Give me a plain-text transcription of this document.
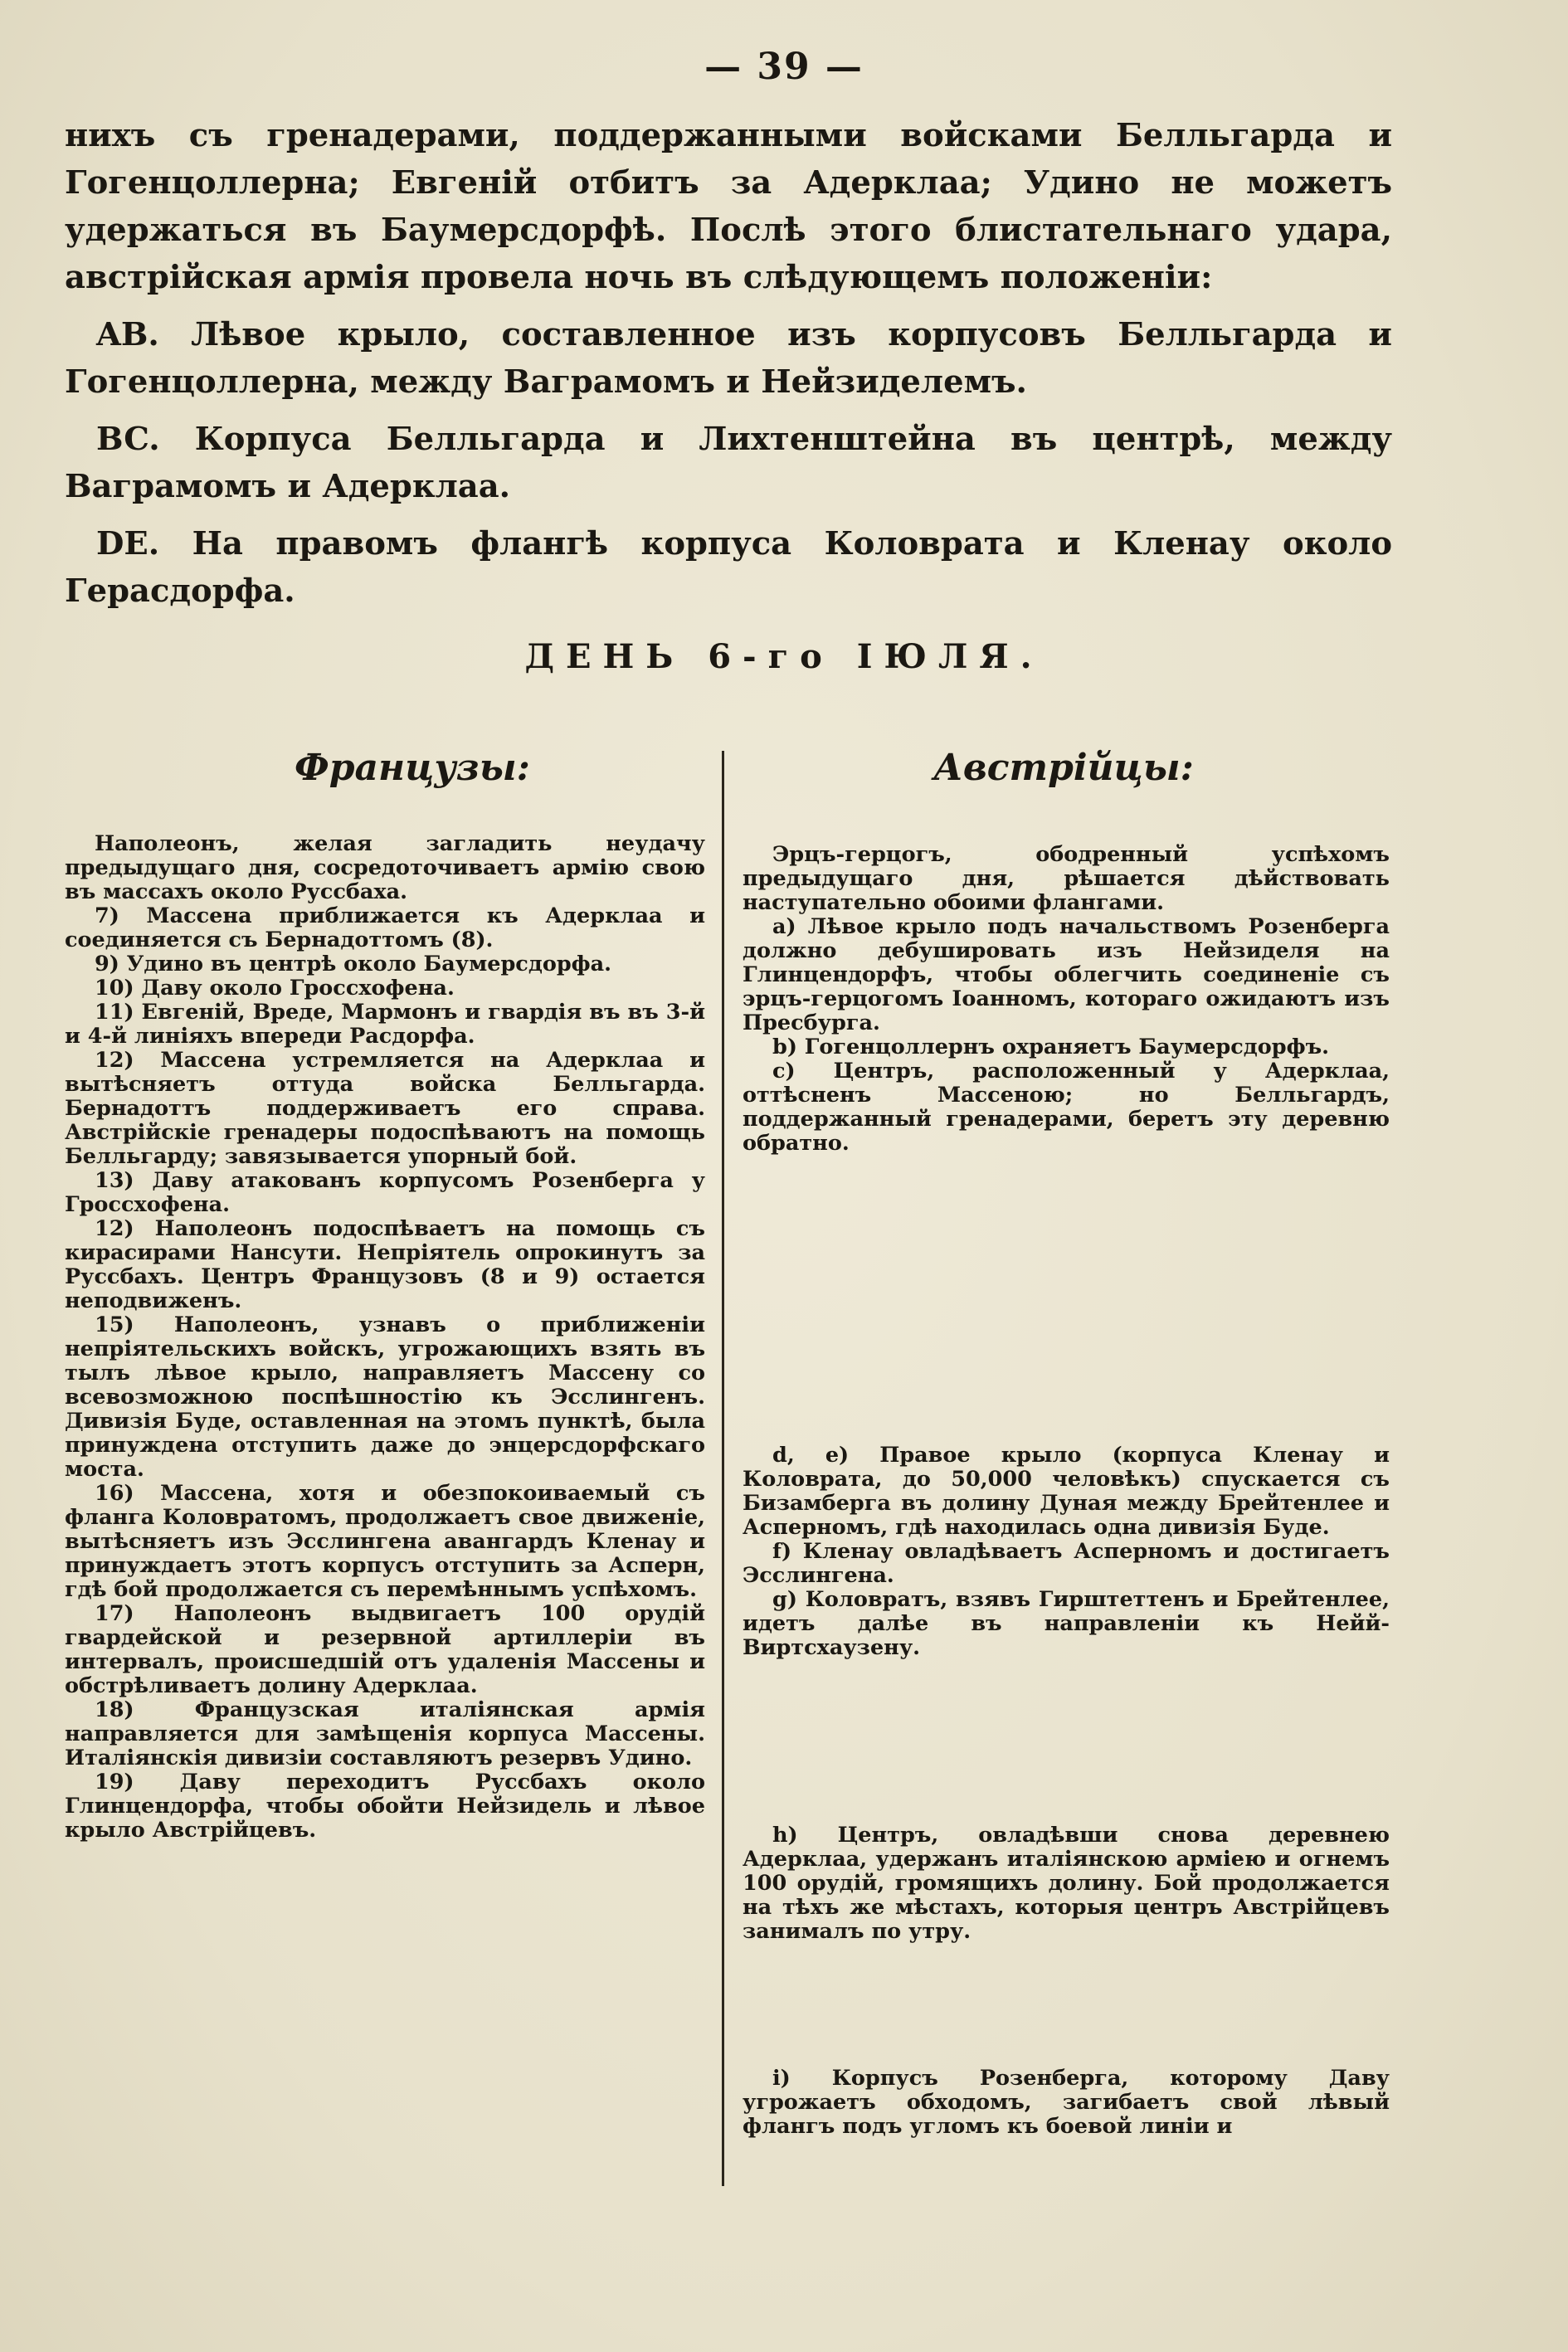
— 39 —

нихъ съ гренадерами, поддержанными войсками Белльгарда и Гогенцоллерна; Евгеній отбитъ за Адерклаа; Удино не можетъ удержаться въ Баумерсдорфѣ. Послѣ этого блистательнаго удара, австрійская армія провела ночь въ слѣдующемъ положеніи:

AB. Лѣвое крыло, составленное изъ корпусовъ Белльгарда и Гогенцоллерна, между Ваграмомъ и Нейзиделемъ.

BC. Корпуса Белльгарда и Лихтенштейна въ центрѣ, между Ваграмомъ и Адерклаа.

DE. На правомъ флангѣ корпуса Коловрата и Кленау около Герасдорфа.

ДЕНЬ 6-го ІЮЛЯ.
Французы:	Австрійцы:

Наполеонъ, желая загладить неудачу предыдущаго дня, сосредоточиваетъ армію свою въ массахъ около Руссбаха.

7) Массена приближается къ Адерклаа и соединяется съ Бернадоттомъ (8).

9) Удино въ центрѣ около Баумерсдорфа.

10) Даву около Гроссхофена.

11) Евгеній, Вреде, Мармонъ и гвардія въ въ 3-й и 4-й линіяхъ впереди Расдорфа.

12) Массена устремляется на Адерклаа и вытѣсняетъ оттуда войска Белльгарда. Бернадоттъ поддерживаетъ его справа. Австрійскіе гренадеры подоспѣваютъ на помощь Белльгарду; завязывается упорный бой.

13) Даву атакованъ корпусомъ Розенберга у Гроссхофена.

12) Наполеонъ подоспѣваетъ на помощь съ кирасирами Нансути. Непріятель опрокинутъ за Руссбахъ. Центръ Французовъ (8 и 9) остается неподвиженъ.

15) Наполеонъ, узнавъ о приближеніи непріятельскихъ войскъ, угрожающихъ взять въ тылъ лѣвое крыло, направляетъ Массену со всевозможною поспѣшностію къ Эсслингенъ. Дивизія Буде, оставленная на этомъ пунктѣ, была принуждена отступить даже до энцерсдорфскаго моста.

16) Массена, хотя и обезпокоиваемый съ фланга Коловратомъ, продолжаетъ свое движеніе, вытѣсняетъ изъ Эсслингена авангардъ Кленау и принуждаетъ этотъ корпусъ отступить за Асперн, гдѣ бой продолжается съ перемѣннымъ успѣхомъ.

17) Наполеонъ выдвигаетъ 100 орудій гвардейской и резервной артиллеріи въ интервалъ, происшедшій отъ удаленія Массены и обстрѣливаетъ долину Адерклаа.

18) Французская италіянская армія направляется для замѣщенія корпуса Массены. Италіянскія дивизіи составляютъ резервъ Удино.

19) Даву переходитъ Руссбахъ около Глинцендорфа, чтобы обойти Нейзидель и лѣвое крыло Австрійцевъ.

Эрцъ-герцогъ, ободренный успѣхомъ предыдущаго дня, рѣшается дѣйствовать наступательно обоими флангами.

a) Лѣвое крыло подъ начальствомъ Розенберга должно дебушировать изъ Нейзиделя на Глинцендорфъ, чтобы облегчить соединеніе съ эрцъ-герцогомъ Іоанномъ, котораго ожидаютъ изъ Пресбурга.

b) Гогенцоллернъ охраняетъ Баумерсдорфъ.

c) Центръ, расположенный у Адерклаа, оттѣсненъ Массеною; но Белльгардъ, поддержанный гренадерами, беретъ эту деревню обратно.

d, e) Правое крыло (корпуса Кленау и Коловрата, до 50,000 человѣкъ) спускается съ Бизамберга въ долину Дуная между Брейтенлее и Асперномъ, гдѣ находилась одна дивизія Буде.

f) Кленау овладѣваетъ Асперномъ и достигаетъ Эсслингена.

g) Коловратъ, взявъ Гирштеттенъ и Брейтенлее, идетъ далѣе въ направленіи къ Нейй-Виртсхаузену.

h) Центръ, овладѣвши снова деревнею Адерклаа, удержанъ италіянскою арміею и огнемъ 100 орудій, громящихъ долину. Бой продолжается на тѣхъ же мѣстахъ, которыя центръ Австрійцевъ занималъ по утру.

i) Корпусъ Розенберга, которому Даву угрожаетъ обходомъ, загибаетъ свой лѣвый флангъ подъ угломъ къ боевой линіи и
